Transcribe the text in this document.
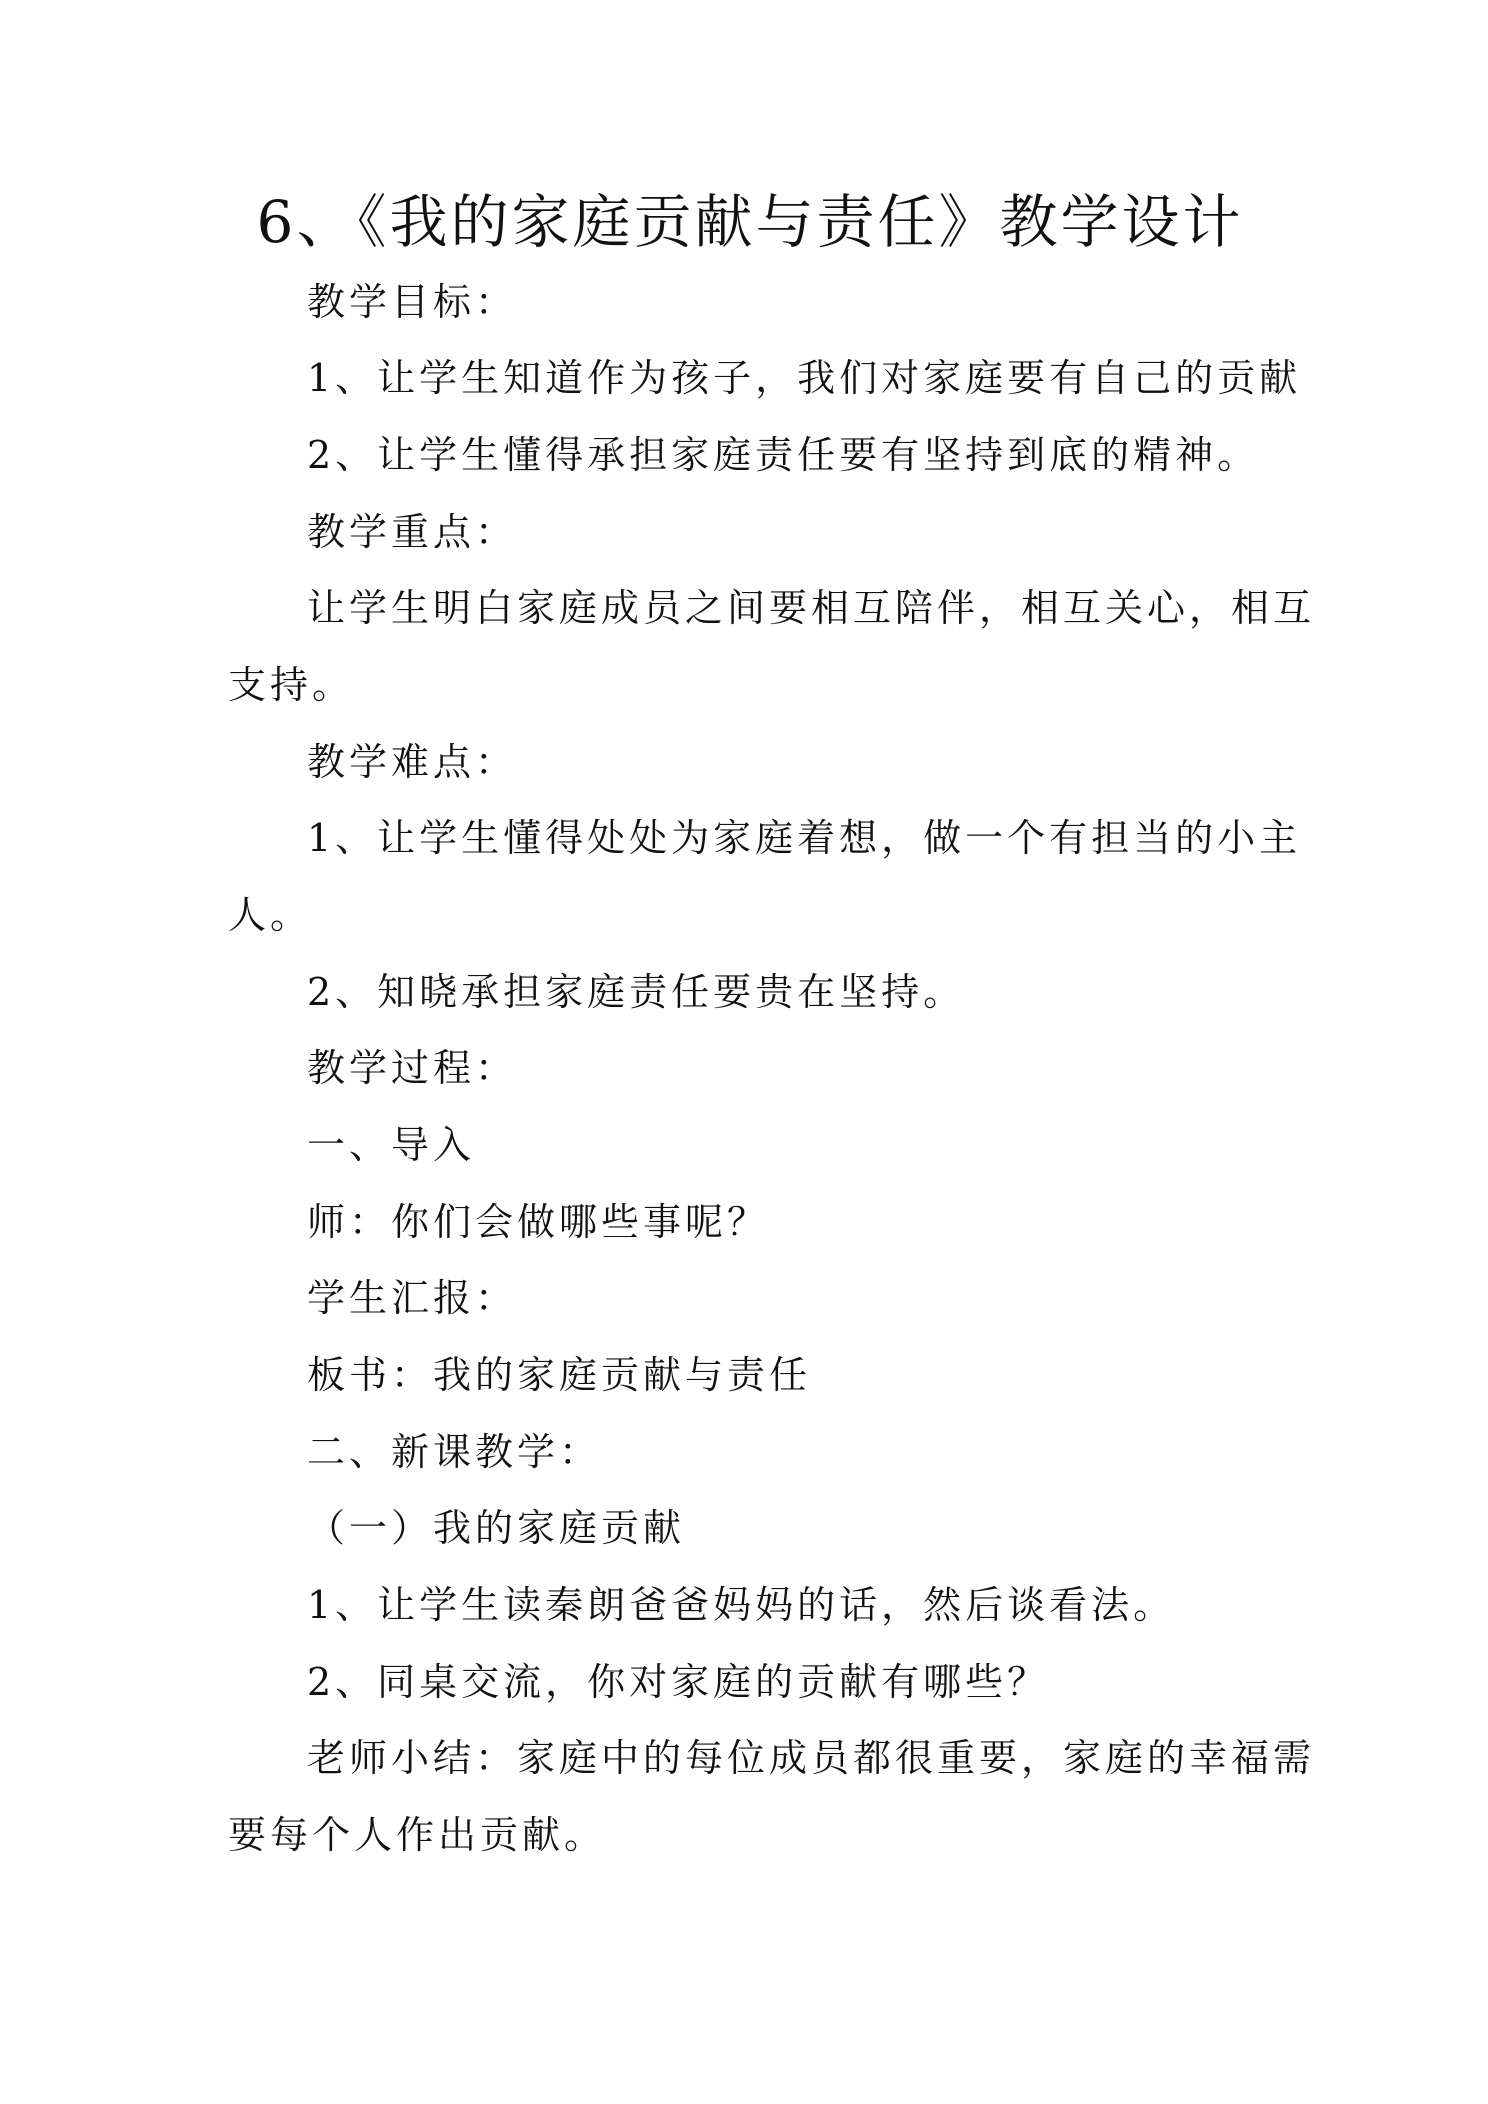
6、《我的家庭贡献与责任》教学设计

教学目标：

1、让学生知道作为孩子，我们对家庭要有自己的贡献

2、让学生懂得承担家庭责任要有坚持到底的精神。

教学重点：

让学生明白家庭成员之间要相互陪伴，相互关心，相互

支持。

教学难点：

1、让学生懂得处处为家庭着想，做一个有担当的小主

人。

2、知晓承担家庭责任要贵在坚持。

教学过程：

一、导入

师：你们会做哪些事呢？

学生汇报：

板书：我的家庭贡献与责任

二、新课教学：

（一）我的家庭贡献

1、让学生读秦朗爸爸妈妈的话，然后谈看法。

2、同桌交流，你对家庭的贡献有哪些？

老师小结：家庭中的每位成员都很重要，家庭的幸福需

要每个人作出贡献。
